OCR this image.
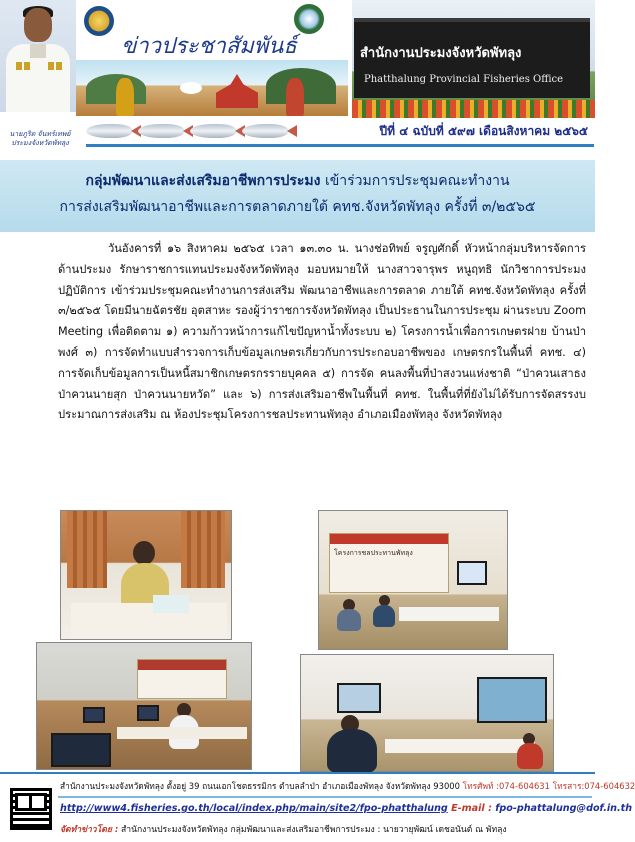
นายภูริต จันทร์เทพย์ ประมงจังหวัดพัทลุง
ข่าวประชาสัมพันธ์	สำนักงานประมงจังหวัดพัทลุง
Phatthalung Provincial Fisheries Office
ปีที่ ๔ ฉบับที่ ๕๙๗ เดือนสิงหาคม ๒๕๖๕
กลุ่มพัฒนาและส่งเสริมอาชีพการประมง เข้าร่วมการประชุมคณะทำงาน
การส่งเสริมพัฒนาอาชีพและการตลาดภายใต้ คทช.จังหวัดพัทลุง ครั้งที่ ๓/๒๕๖๕

วันอังคารที่ ๑๖ สิงหาคม ๒๕๖๕ เวลา ๑๓.๓๐ น. นางช่อทิพย์ จรูญศักดิ์ หัวหน้ากลุ่มบริหารจัดการด้านประมง รักษาราชการแทนประมงจังหวัดพัทลุง มอบหมายให้ นางสาวจารุพร หนูฤทธิ นักวิชาการประมงปฏิบัติการ เข้าร่วมประชุมคณะทำงานการส่งเสริม พัฒนาอาชีพและการตลาด ภายใต้ คทช.จังหวัดพัทลุง ครั้งที่ ๓/๒๕๖๕ โดยมีนายฉัตรชัย อุตสาหะ รองผู้ว่าราชการจังหวัดพัทลุง เป็นประธานในการประชุม ผ่านระบบ Zoom Meeting เพื่อติดตาม ๑) ความก้าวหน้าการแก้ไขปัญหาน้ำทั้งระบบ ๒) โครงการน้ำเพื่อการเกษตรฝาย บ้านป่าพงศ์ ๓) การจัดทำแบบสำรวจการเก็บข้อมูลเกษตรเกี่ยวกับการประกอบอาชีพของ เกษตรกรในพื้นที่ คทช. ๔) การจัดเก็บข้อมูลการเป็นหนี้สมาชิกเกษตรกรรายบุคคล ๕) การจัด คนลงพื้นที่ป่าสงวนแห่งชาติ “ป่าควนเสาธง ป่าควนนายสุก ป่าควนนายหวัด” และ ๖) การส่งเสริมอาชีพในพื้นที่ คทช. ในพื้นที่ที่ยังไม่ได้รับการจัดสรรงบประมาณการส่งเสริม ณ ห้องประชุมโครงการชลประทานพัทลุง อำเภอเมืองพัทลุง จังหวัดพัทลุง

โครงการชลประทานพัทลุง
สำนักงานประมงจังหวัดพัทลุง ตั้งอยู่ 39 ถนนเอกโชตธรรมิกร ตำบลลำป่า อำเภอเมืองพัทลุง จังหวัดพัทลุง 93000 โทรศัพท์ :074-604631 โทรสาร:074-604632
http://www4.fisheries.go.th/local/index.php/main/site2/fpo-phatthalung E-mail : fpo-phattalung@dof.in.th
จัดทำข่าวโดย : สำนักงานประมงจังหวัดพัทลุง กลุ่มพัฒนาและส่งเสริมอาชีพการประมง : นายวายุพัฒน์ เดชอนันต์ ณ พัทลุง
